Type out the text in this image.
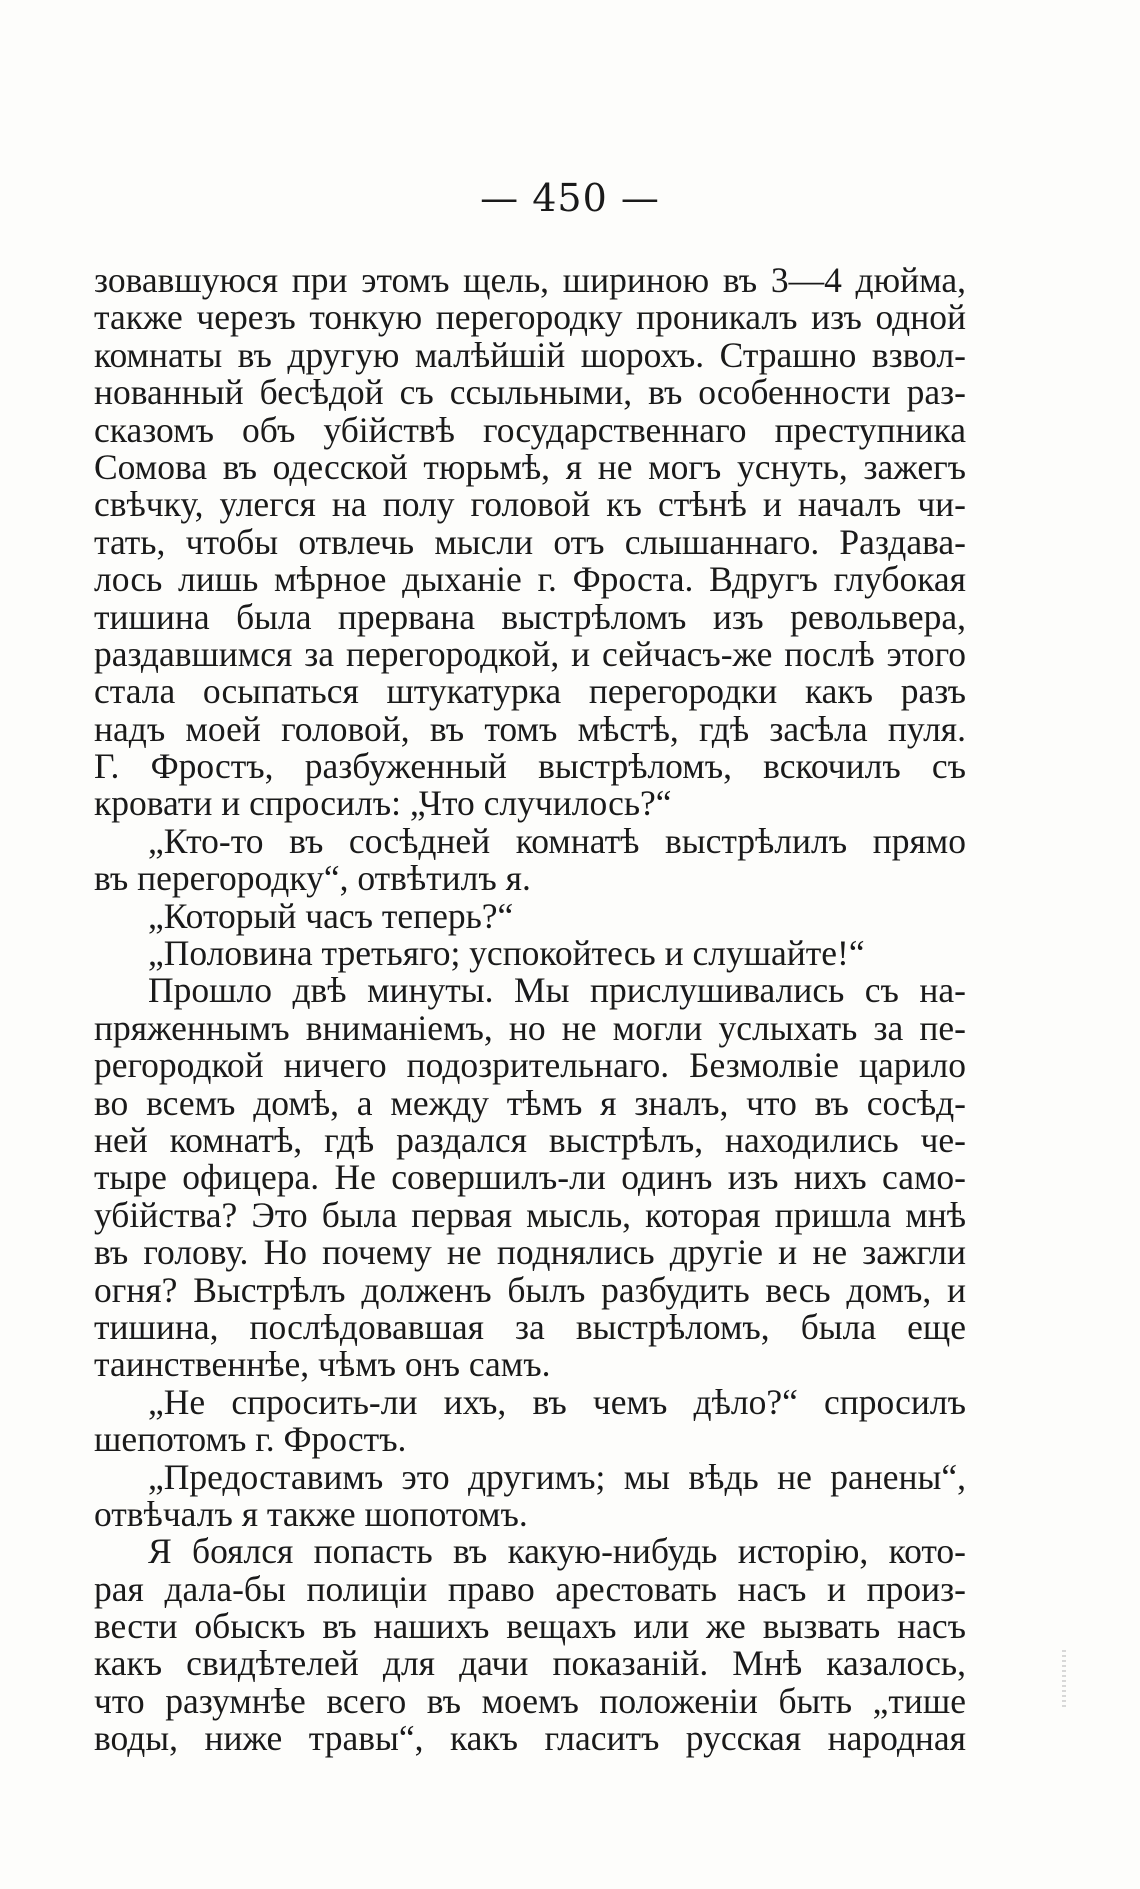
— 450 —
зовавшуюся при этомъ щель, шириною въ 3—4 дюйма,
также черезъ тонкую перегородку проникалъ изъ одной
комнаты въ другую малѣйшій шорохъ. Страшно взвол-
нованный бесѣдой съ ссыльными, въ особенности раз-
сказомъ объ убійствѣ государственнаго преступника
Сомова въ одесской тюрьмѣ, я не могъ уснуть, зажегъ
свѣчку, улегся на полу головой къ стѣнѣ и началъ чи-
тать, чтобы отвлечь мысли отъ слышаннаго. Раздава-
лось лишь мѣрное дыханіе г. Фроста. Вдругъ глубокая
тишина была прервана выстрѣломъ изъ револьвера,
раздавшимся за перегородкой, и сейчасъ-же послѣ этого
стала осыпаться штукатурка перегородки какъ разъ
надъ моей головой, въ томъ мѣстѣ, гдѣ засѣла пуля.
Г. Фростъ, разбуженный выстрѣломъ, вскочилъ съ
кровати и спросилъ: „Что случилось?“
„Кто-то въ сосѣдней комнатѣ выстрѣлилъ прямо
въ перегородку“, отвѣтилъ я.
„Который часъ теперь?“
„Половина третьяго; успокойтесь и слушайте!“
Прошло двѣ минуты. Мы прислушивались съ на-
пряженнымъ вниманіемъ, но не могли услыхать за пе-
регородкой ничего подозрительнаго. Безмолвіе царило
во всемъ домѣ, а между тѣмъ я зналъ, что въ сосѣд-
ней комнатѣ, гдѣ раздался выстрѣлъ, находились че-
тыре офицера. Не совершилъ-ли одинъ изъ нихъ само-
убійства? Это была первая мысль, которая пришла мнѣ
въ голову. Но почему не поднялись другіе и не зажгли
огня? Выстрѣлъ долженъ былъ разбудить весь домъ, и
тишина, послѣдовавшая за выстрѣломъ, была еще
таинственнѣе, чѣмъ онъ самъ.
„Не спросить-ли ихъ, въ чемъ дѣло?“ спросилъ
шепотомъ г. Фростъ.
„Предоставимъ это другимъ; мы вѣдь не ранены“,
отвѣчалъ я также шопотомъ.
Я боялся попасть въ какую-нибудь исторію, кото-
рая дала-бы полиціи право арестовать насъ и произ-
вести обыскъ въ нашихъ вещахъ или же вызвать насъ
какъ свидѣтелей для дачи показаній. Мнѣ казалось,
что разумнѣе всего въ моемъ положеніи быть „тише
воды, ниже травы“, какъ гласитъ русская народная
